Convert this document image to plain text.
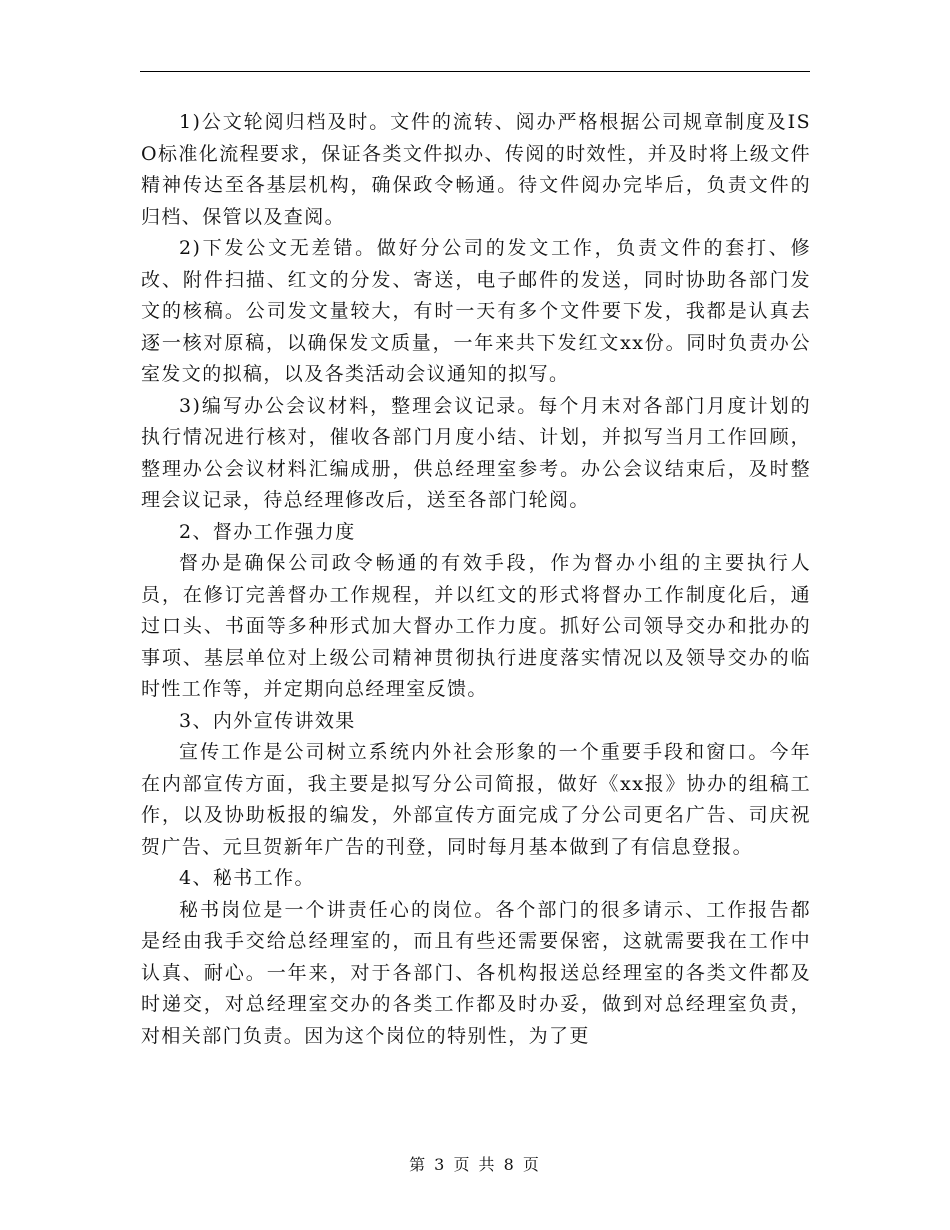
1)公文轮阅归档及时。文件的流转、阅办严格根据公司规章制度及ISO标准化流程要求，保证各类文件拟办、传阅的时效性，并及时将上级文件精神传达至各基层机构，确保政令畅通。待文件阅办完毕后，负责文件的归档、保管以及查阅。

2)下发公文无差错。做好分公司的发文工作，负责文件的套打、修改、附件扫描、红文的分发、寄送，电子邮件的发送，同时协助各部门发文的核稿。公司发文量较大，有时一天有多个文件要下发，我都是认真去逐一核对原稿，以确保发文质量，一年来共下发红文xx份。同时负责办公室发文的拟稿，以及各类活动会议通知的拟写。

3)编写办公会议材料，整理会议记录。每个月末对各部门月度计划的执行情况进行核对，催收各部门月度小结、计划，并拟写当月工作回顾，整理办公会议材料汇编成册，供总经理室参考。办公会议结束后，及时整理会议记录，待总经理修改后，送至各部门轮阅。

2、督办工作强力度

督办是确保公司政令畅通的有效手段，作为督办小组的主要执行人员，在修订完善督办工作规程，并以红文的形式将督办工作制度化后，通过口头、书面等多种形式加大督办工作力度。抓好公司领导交办和批办的事项、基层单位对上级公司精神贯彻执行进度落实情况以及领导交办的临时性工作等，并定期向总经理室反馈。

3、内外宣传讲效果

宣传工作是公司树立系统内外社会形象的一个重要手段和窗口。今年在内部宣传方面，我主要是拟写分公司简报，做好《xx报》协办的组稿工作，以及协助板报的编发，外部宣传方面完成了分公司更名广告、司庆祝贺广告、元旦贺新年广告的刊登，同时每月基本做到了有信息登报。

4、秘书工作。

秘书岗位是一个讲责任心的岗位。各个部门的很多请示、工作报告都是经由我手交给总经理室的，而且有些还需要保密，这就需要我在工作中认真、耐心。一年来，对于各部门、各机构报送总经理室的各类文件都及时递交，对总经理室交办的各类工作都及时办妥，做到对总经理室负责，对相关部门负责。因为这个岗位的特别性，为了更

第 3 页 共 8 页
